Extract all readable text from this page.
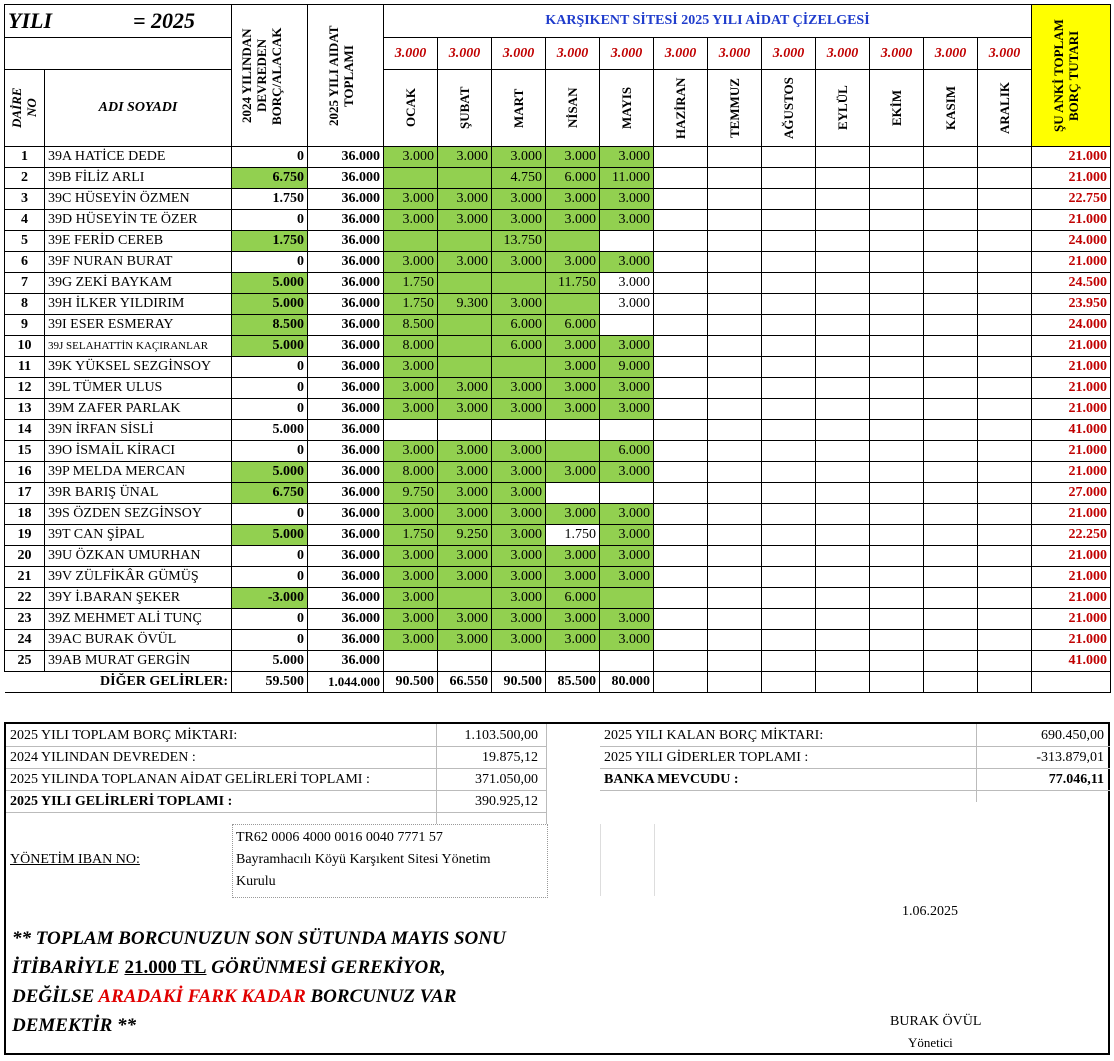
YILI = 2025		2024 YILINDAN DEVREDEN BORÇ/ALACAK	2025 YILI AIDAT TOPLAMI	KARŞIKENT SİTESİ 2025 YILI AİDAT ÇİZELGESİ												ŞU ANKİ TOPLAM BORÇ TUTARI

				3.000	3.000	3.000	3.000	3.000	3.000	3.000	3.000	3.000	3.000	3.000	3.000	

DAİRE NO	ADI SOYADI			OCAK	ŞUBAT	MART	NİSAN	MAYIS	HAZİRAN	TEMMUZ	AĞUSTOS	EYLÜL	EKİM	KASIM	ARALIK	

1	39A HATİCE DEDE	0	36.000	3.000	3.000	3.000	3.000	3.000								21.000
2	39B FİLİZ ARLI	6.750	36.000			4.750	6.000	11.000								21.000
3	39C HÜSEYİN ÖZMEN	1.750	36.000	3.000	3.000	3.000	3.000	3.000								22.750
4	39D HÜSEYİN TE ÖZER	0	36.000	3.000	3.000	3.000	3.000	3.000								21.000
5	39E FERİD CEREB	1.750	36.000			13.750										24.000
6	39F NURAN BURAT	0	36.000	3.000	3.000	3.000	3.000	3.000								21.000
7	39G ZEKİ BAYKAM	5.000	36.000	1.750			11.750	3.000								24.500
8	39H İLKER YILDIRIM	5.000	36.000	1.750	9.300	3.000		3.000								23.950
9	39I ESER ESMERAY	8.500	36.000	8.500		6.000	6.000									24.000
10	39J SELAHATTİN KAÇIRANLAR	5.000	36.000	8.000		6.000	3.000	3.000								21.000
11	39K YÜKSEL SEZGİNSOY	0	36.000	3.000			3.000	9.000								21.000
12	39L TÜMER ULUS	0	36.000	3.000	3.000	3.000	3.000	3.000								21.000
13	39M ZAFER PARLAK	0	36.000	3.000	3.000	3.000	3.000	3.000								21.000
14	39N İRFAN SİSLİ	5.000	36.000													41.000
15	39O İSMAİL KİRACI	0	36.000	3.000	3.000	3.000		6.000								21.000
16	39P MELDA MERCAN	5.000	36.000	8.000	3.000	3.000	3.000	3.000								21.000
17	39R BARIŞ ÜNAL	6.750	36.000	9.750	3.000	3.000										27.000
18	39S ÖZDEN SEZGİNSOY	0	36.000	3.000	3.000	3.000	3.000	3.000								21.000
19	39T CAN ŞİPAL	5.000	36.000	1.750	9.250	3.000	1.750	3.000								22.250
20	39U ÖZKAN UMURHAN	0	36.000	3.000	3.000	3.000	3.000	3.000								21.000
21	39V ZÜLFİKÂR GÜMÜŞ	0	36.000	3.000	3.000	3.000	3.000	3.000								21.000
22	39Y İ.BARAN ŞEKER	-3.000	36.000	3.000		3.000	6.000									21.000
23	39Z MEHMET ALİ TUNÇ	0	36.000	3.000	3.000	3.000	3.000	3.000								21.000
24	39AC BURAK ÖVÜL	0	36.000	3.000	3.000	3.000	3.000	3.000								21.000
25	39AB MURAT GERGİN	5.000	36.000													41.000
DİĞER GELİRLER:		59.500	1.044.000	90.500	66.550	90.500	85.500	80.000								
2025 YILI TOPLAM BORÇ MİKTARI:	1.103.500,00
2024 YILINDAN DEVREDEN :	19.875,12
2025 YILINDA TOPLANAN AİDAT GELİRLERİ TOPLAMI :	371.050,00
2025 YILI GELİRLERİ TOPLAMI :	390.925,12
2025 YILI KALAN BORÇ MİKTARI:	690.450,00
2025 YILI GİDERLER TOPLAMI :	-313.879,01
BANKA MEVCUDU :	77.046,11
YÖNETİM IBAN NO:
TR62 0006 4000 0016 0040 7771 57
Bayramhacılı Köyü Karşıkent Sitesi Yönetim
Kurulu
1.06.2025
** TOPLAM BORCUNUZUN SON SÜTUNDA MAYIS SONU
İTİBARİYLE 21.000 TL GÖRÜNMESİ GEREKİYOR,
DEĞİLSE ARADAKİ FARK KADAR BORCUNUZ VAR
DEMEKTİR **	BURAK ÖVÜL
Yönetici
